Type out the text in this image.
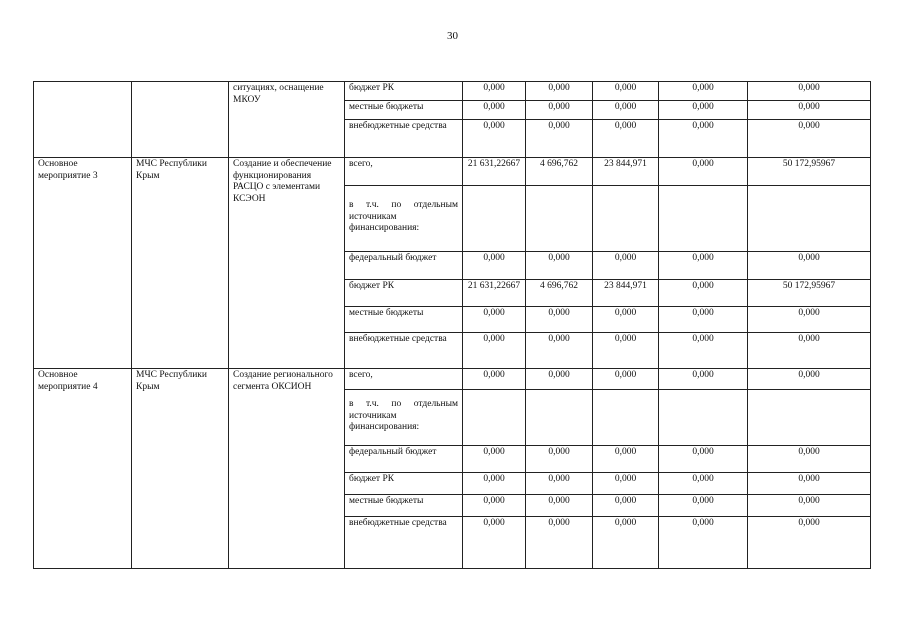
30
		ситуациях, оснащение МКОУ	бюджет РК	0,000	0,000	0,000	0,000	0,000
			местные бюджеты	0,000	0,000	0,000	0,000	0,000
			внебюджетные средства	0,000	0,000	0,000	0,000	0,000
Основное мероприятие 3	МЧС Республики Крым	Создание и обеспечение функционирования РАСЦО с элементами КСЭОН	всего,	21 631,22667	4 696,762	23 844,971	0,000	50 172,95967
			в т.ч. по отдельным источникам финансирования:					
			федеральный бюджет	0,000	0,000	0,000	0,000	0,000
			бюджет РК	21 631,22667	4 696,762	23 844,971	0,000	50 172,95967
			местные бюджеты	0,000	0,000	0,000	0,000	0,000
			внебюджетные средства	0,000	0,000	0,000	0,000	0,000
Основное мероприятие 4	МЧС Республики Крым	Создание регионального сегмента ОКСИОН	всего,	0,000	0,000	0,000	0,000	0,000
			в т.ч. по отдельным источникам финансирования:					
			федеральный бюджет	0,000	0,000	0,000	0,000	0,000
			бюджет РК	0,000	0,000	0,000	0,000	0,000
			местные бюджеты	0,000	0,000	0,000	0,000	0,000
			внебюджетные средства	0,000	0,000	0,000	0,000	0,000
